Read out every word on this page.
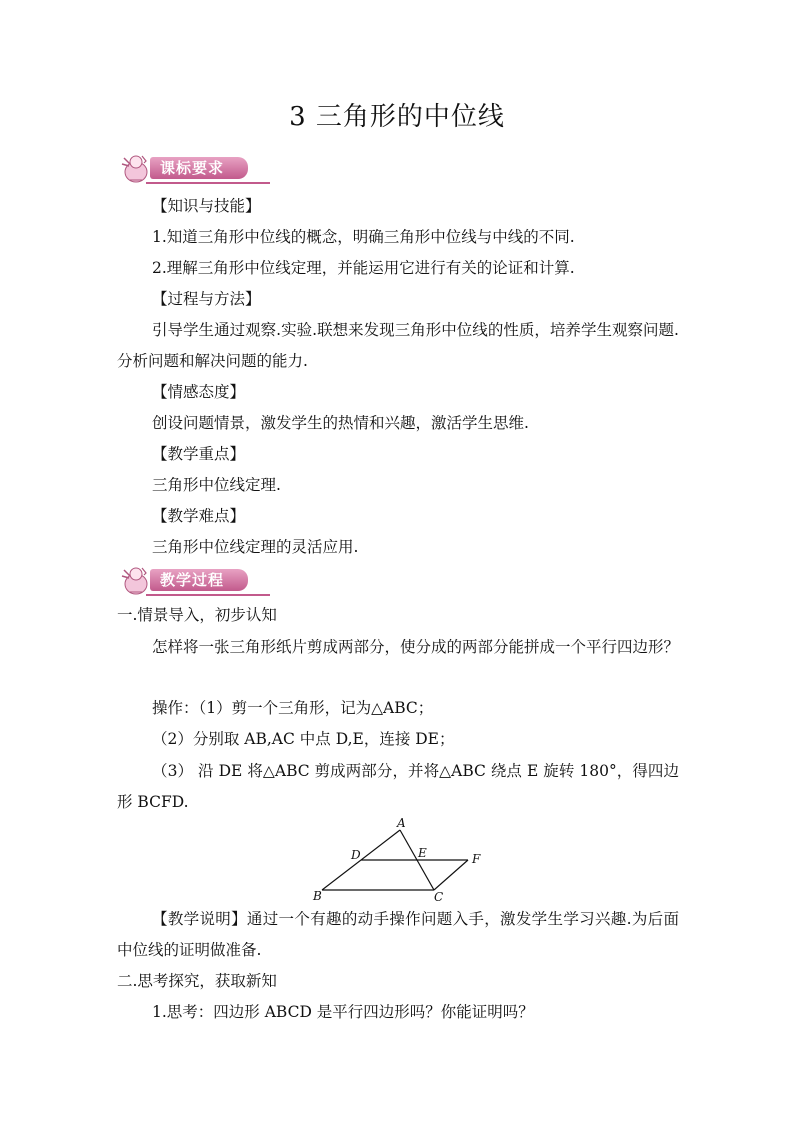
3 三角形的中位线
课标要求
【知识与技能】
1.知道三角形中位线的概念，明确三角形中位线与中线的不同.
2.理解三角形中位线定理，并能运用它进行有关的论证和计算.
【过程与方法】
引导学生通过观察.实验.联想来发现三角形中位线的性质，培养学生观察问题.分析问题和解决问题的能力.
【情感态度】
创设问题情景，激发学生的热情和兴趣，激活学生思维.
【教学重点】
三角形中位线定理.
【教学难点】
三角形中位线定理的灵活应用.
教学过程
一.情景导入，初步认知
怎样将一张三角形纸片剪成两部分，使分成的两部分能拼成一个平行四边形？
操作：（1）剪一个三角形，记为△ABC；
（2）分别取 AB,AC 中点 D,E，连接 DE；
（3） 沿 DE 将△ABC 剪成两部分，并将△ABC 绕点 E 旋转 180°，得四边形 BCFD.
A
B	C
D	E	F
【教学说明】通过一个有趣的动手操作问题入手，激发学生学习兴趣.为后面中位线的证明做准备.
二.思考探究，获取新知
1.思考：四边形 ABCD 是平行四边形吗？你能证明吗？
